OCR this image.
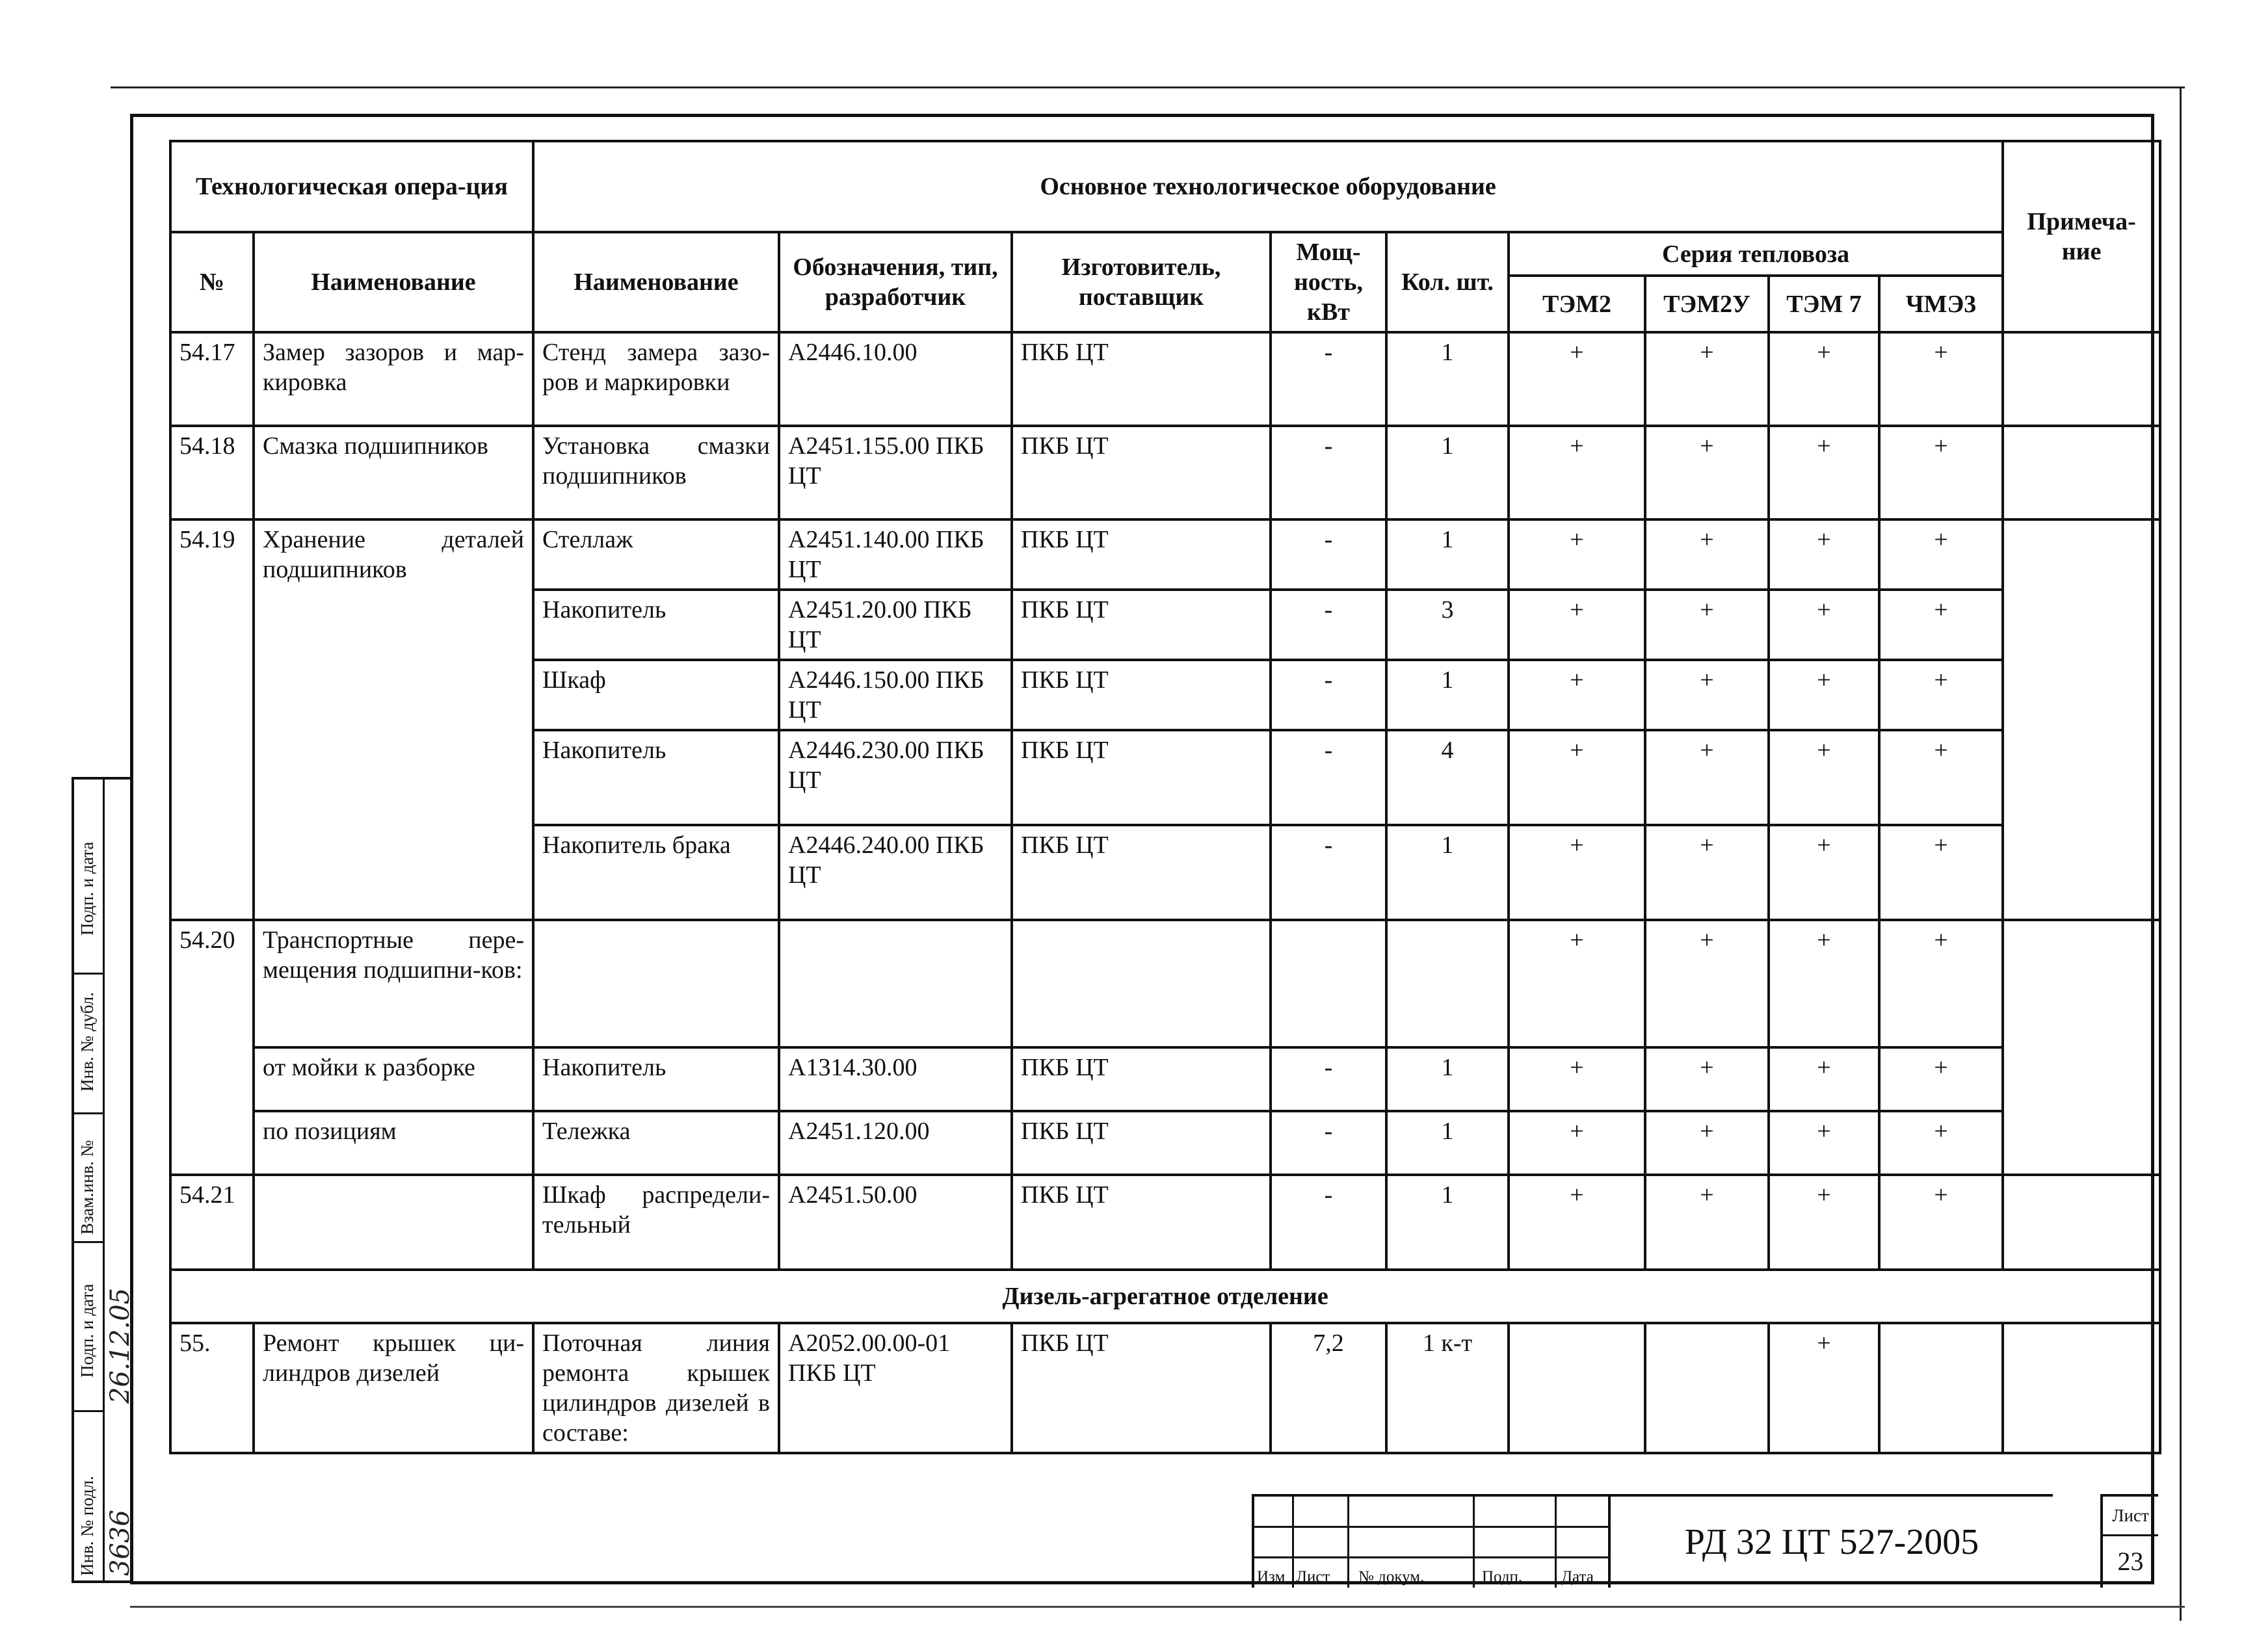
Технологическая опера-ция		Основное технологическое оборудование									Примеча-ние
№	Наименование	Наименование	Обозначения, тип, разработчик	Изготовитель, поставщик	Мощ-ность, кВт	Кол. шт.	Серия тепловоза				
							ТЭМ2	ТЭМ2У	ТЭМ 7	ЧМЭ3	
54.17	Замер зазоров и мар-кировка	Стенд замера зазо-ров и маркировки	А2446.10.00	ПКБ ЦТ	-	1	+	+	+	+	
54.18	Смазка подшипников	Установка смазки подшипников	А2451.155.00 ПКБ ЦТ	ПКБ ЦТ	-	1	+	+	+	+	
54.19	Хранение деталей подшипников	Стеллаж	А2451.140.00 ПКБ ЦТ	ПКБ ЦТ	-	1	+	+	+	+	
		Накопитель	А2451.20.00 ПКБ ЦТ	ПКБ ЦТ	-	3	+	+	+	+	
		Шкаф	А2446.150.00 ПКБ ЦТ	ПКБ ЦТ	-	1	+	+	+	+	
		Накопитель	А2446.230.00 ПКБ ЦТ	ПКБ ЦТ	-	4	+	+	+	+	
		Накопитель брака	А2446.240.00 ПКБ ЦТ	ПКБ ЦТ	-	1	+	+	+	+	
54.20	Транспортные пере-мещения подшипни-ков:						+	+	+	+	
	от мойки к разборке	Накопитель	А1314.30.00	ПКБ ЦТ	-	1	+	+	+	+	
	по позициям	Тележка	А2451.120.00	ПКБ ЦТ	-	1	+	+	+	+	
54.21		Шкаф распредели-тельный	А2451.50.00	ПКБ ЦТ	-	1	+	+	+	+	
Дизель-агрегатное отделение											
55.	Ремонт крышек ци-линдров дизелей	Поточная линия ремонта крышек цилиндров дизелей в составе:	А2052.00.00-01 ПКБ ЦТ	ПКБ ЦТ	7,2	1 к-т			+		
Подп. и дата
Инв. № дубл.
Взам.инв. №
Подп. и дата
Инв. № подл.
26.12.05
3636
Изм Лист № докум.	Подп. Дата
РД 32 ЦТ 527-2005
Лист
23
